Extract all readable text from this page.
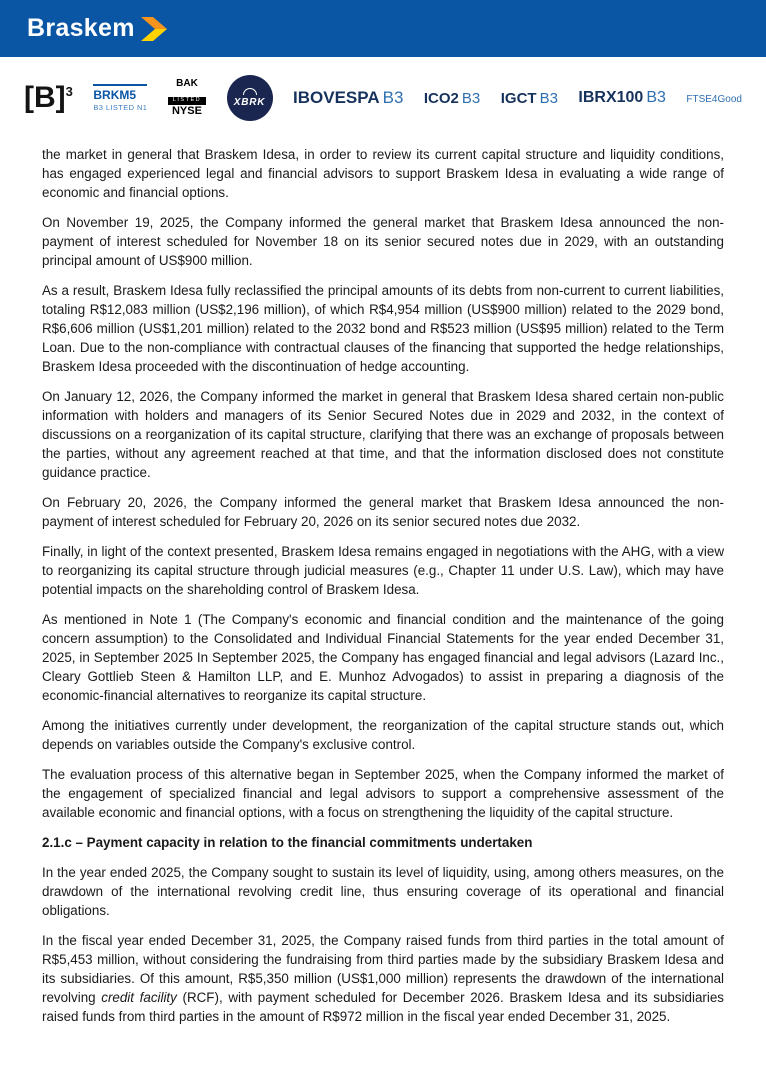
Braskem
$[B]^3$ BRKM5
B3 LISTED N1
BAK
LISTED
NYSE
XBRK IBOVESPA B3 ICO2 B3 IGCT B3 IBRX100 B3 FTSE4Good

the market in general that Braskem Idesa, in order to review its current capital structure and liquidity conditions, has engaged experienced legal and financial advisors to support Braskem Idesa in evaluating a wide range of economic and financial options.

On November 19, 2025, the Company informed the general market that Braskem Idesa announced the non-payment of interest scheduled for November 18 on its senior secured notes due in 2029, with an outstanding principal amount of US$900 million.

As a result, Braskem Idesa fully reclassified the principal amounts of its debts from non-current to current liabilities, totaling R$12,083 million (US$2,196 million), of which R$4,954 million (US$900 million) related to the 2029 bond, R$6,606 million (US$1,201 million) related to the 2032 bond and R$523 million (US$95 million) related to the Term Loan. Due to the non-compliance with contractual clauses of the financing that supported the hedge relationships, Braskem Idesa proceeded with the discontinuation of hedge accounting.

On January 12, 2026, the Company informed the market in general that Braskem Idesa shared certain non-public information with holders and managers of its Senior Secured Notes due in 2029 and 2032, in the context of discussions on a reorganization of its capital structure, clarifying that there was an exchange of proposals between the parties, without any agreement reached at that time, and that the information disclosed does not constitute guidance practice.

On February 20, 2026, the Company informed the general market that Braskem Idesa announced the non-payment of interest scheduled for February 20, 2026 on its senior secured notes due 2032.

Finally, in light of the context presented, Braskem Idesa remains engaged in negotiations with the AHG, with a view to reorganizing its capital structure through judicial measures (e.g., Chapter 11 under U.S. Law), which may have potential impacts on the shareholding control of Braskem Idesa.

As mentioned in Note 1 (The Company's economic and financial condition and the maintenance of the going concern assumption) to the Consolidated and Individual Financial Statements for the year ended December 31, 2025, in September 2025 In September 2025, the Company has engaged financial and legal advisors (Lazard Inc., Cleary Gottlieb Steen & Hamilton LLP, and E. Munhoz Advogados) to assist in preparing a diagnosis of the economic-financial alternatives to reorganize its capital structure.

Among the initiatives currently under development, the reorganization of the capital structure stands out, which depends on variables outside the Company's exclusive control.

The evaluation process of this alternative began in September 2025, when the Company informed the market of the engagement of specialized financial and legal advisors to support a comprehensive assessment of the available economic and financial options, with a focus on strengthening the liquidity of the capital structure.

2.1.c – Payment capacity in relation to the financial commitments undertaken

In the year ended 2025, the Company sought to sustain its level of liquidity, using, among others measures, on the drawdown of the international revolving credit line, thus ensuring coverage of its operational and financial obligations.

In the fiscal year ended December 31, 2025, the Company raised funds from third parties in the total amount of R$5,453 million, without considering the fundraising from third parties made by the subsidiary Braskem Idesa and its subsidiaries. Of this amount, R$5,350 million (US$1,000 million) represents the drawdown of the international revolving credit facility (RCF), with payment scheduled for December 2026. Braskem Idesa and its subsidiaries raised funds from third parties in the amount of R$972 million in the fiscal year ended December 31, 2025.
